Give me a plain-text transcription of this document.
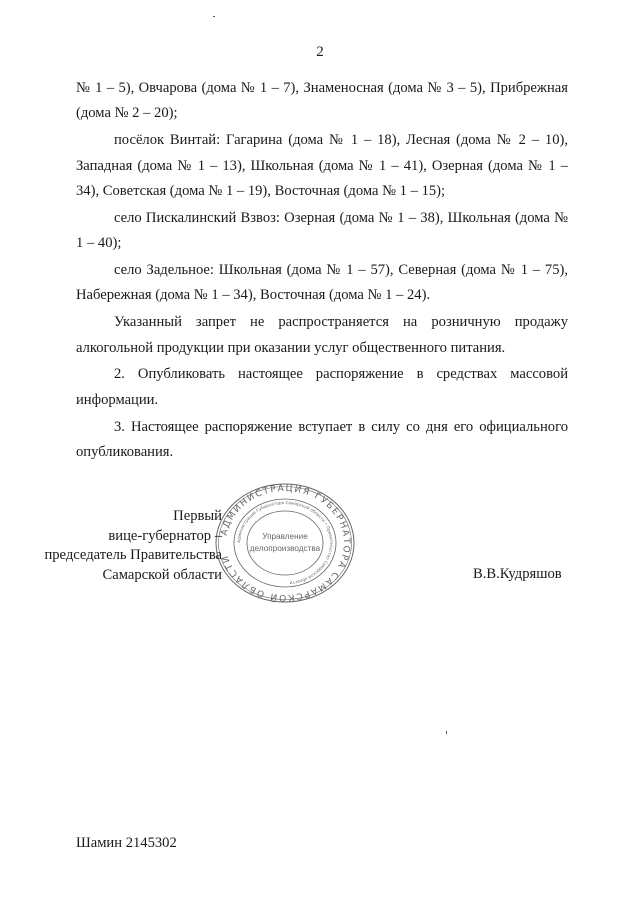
2

№ 1 – 5), Овчарова (дома № 1 – 7), Знаменосная (дома № 3 – 5), Прибрежная (дома № 2 – 20);

посёлок Винтай: Гагарина (дома № 1 – 18), Лесная (дома № 2 – 10), Западная (дома № 1 – 13), Школьная (дома № 1 – 41), Озерная (дома № 1 – 34), Советская (дома № 1 – 19), Восточная (дома № 1 – 15);

село Пискалинский Взвоз: Озерная (дома № 1 – 38), Школьная (дома № 1 – 40);

село Задельное: Школьная (дома № 1 – 57), Северная (дома № 1 – 75), Набережная (дома № 1 – 34), Восточная (дома № 1 – 24).

Указанный запрет не распространяется на розничную продажу алкогольной продукции при оказании услуг общественного питания.

2. Опубликовать настоящее распоряжение в средствах массовой информации.

3. Настоящее распоряжение вступает в силу со дня его официального опубликования.

Первый
вице-губернатор –
председатель Правительства
Самарской области
АДМИНИСТРАЦИЯ ГУБЕРНАТОРА САМАРСКОЙ ОБЛАСТИ
Администрация Губернатора Самарской области • Правительство Самарской области
Управление
делопроизводства
В.В.Кудряшов
Шамин 2145302
